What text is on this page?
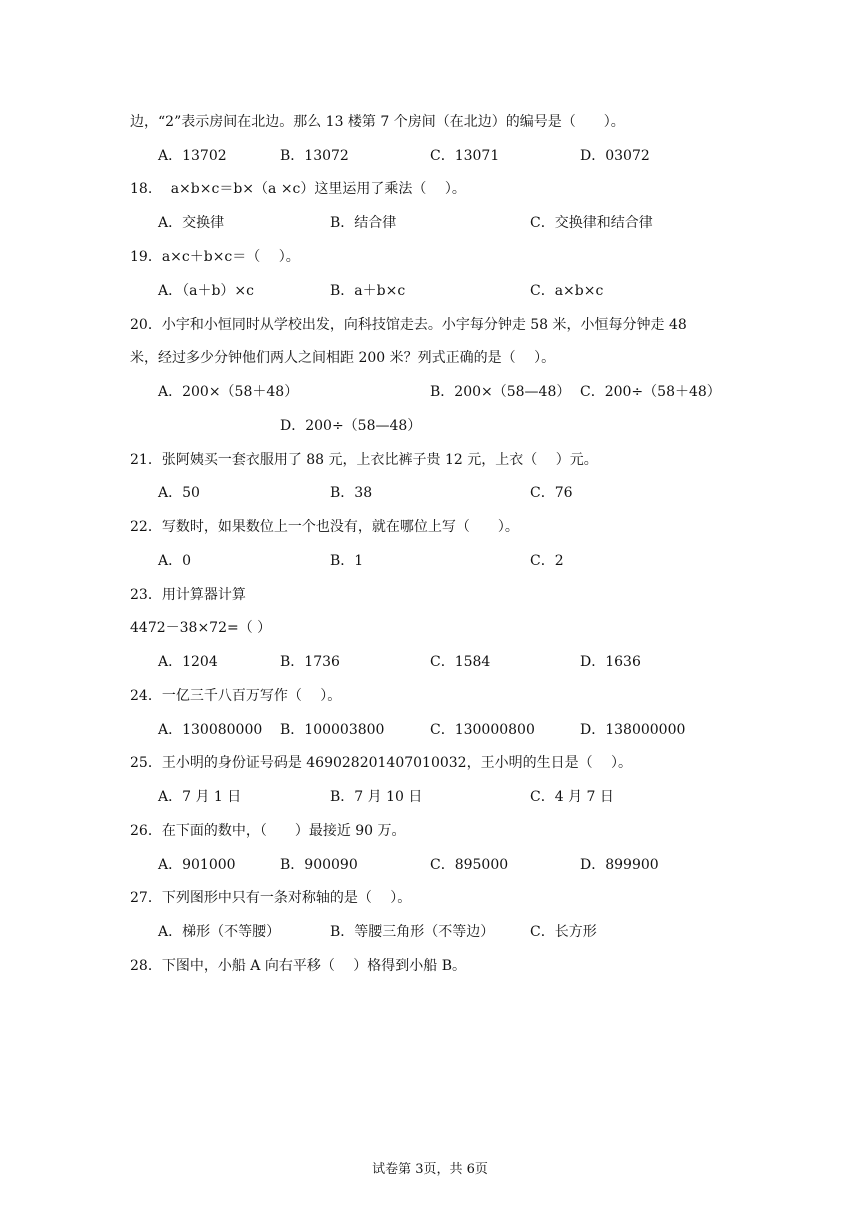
边，“2”表示房间在北边。那么 13 楼第 7 个房间（在北边）的编号是（　　）。
A．13702	B．13072	C．13071	D．03072
18.　 a×b×c＝b×（a ×c）这里运用了乘法（　 ）。
A．交换律	B．结合律	C．交换律和结合律
19．a×c＋b×c＝（　 ）。
A．（a＋b）×c	B．a＋b×c	C．a×b×c
20．小宇和小恒同时从学校出发，向科技馆走去。小宇每分钟走 58 米，小恒每分钟走 48
米，经过多少分钟他们两人之间相距 200 米？列式正确的是（　 ）。
A．200×（58＋48）	B．200×（58—48） C．200÷（58＋48）
D．200÷（58—48）
21．张阿姨买一套衣服用了 88 元，上衣比裤子贵 12 元，上衣（　 ）元。
A．50	B．38	C．76
22．写数时，如果数位上一个也没有，就在哪位上写（　　）。
A．0	B．1	C．2
23．用计算器计算
4472－38×72=（ ）
A．1204	B．1736	C．1584	D．1636
24．一亿三千八百万写作（　 ）。
A．130080000 B．100003800	C．130000800	D．138000000
25．王小明的身份证号码是 469028201407010032，王小明的生日是（　 ）。
A．7 月 1 日	B．7 月 10 日	C．4 月 7 日
26．在下面的数中，（　　）最接近 90 万。
A．901000	B．900090	C．895000	D．899900
27．下列图形中只有一条对称轴的是（　 ）。
A．梯形（不等腰）	B．等腰三角形（不等边）	C．长方形
28．下图中，小船 A 向右平移（　 ）格得到小船 B。
试卷第 3页，共 6页
